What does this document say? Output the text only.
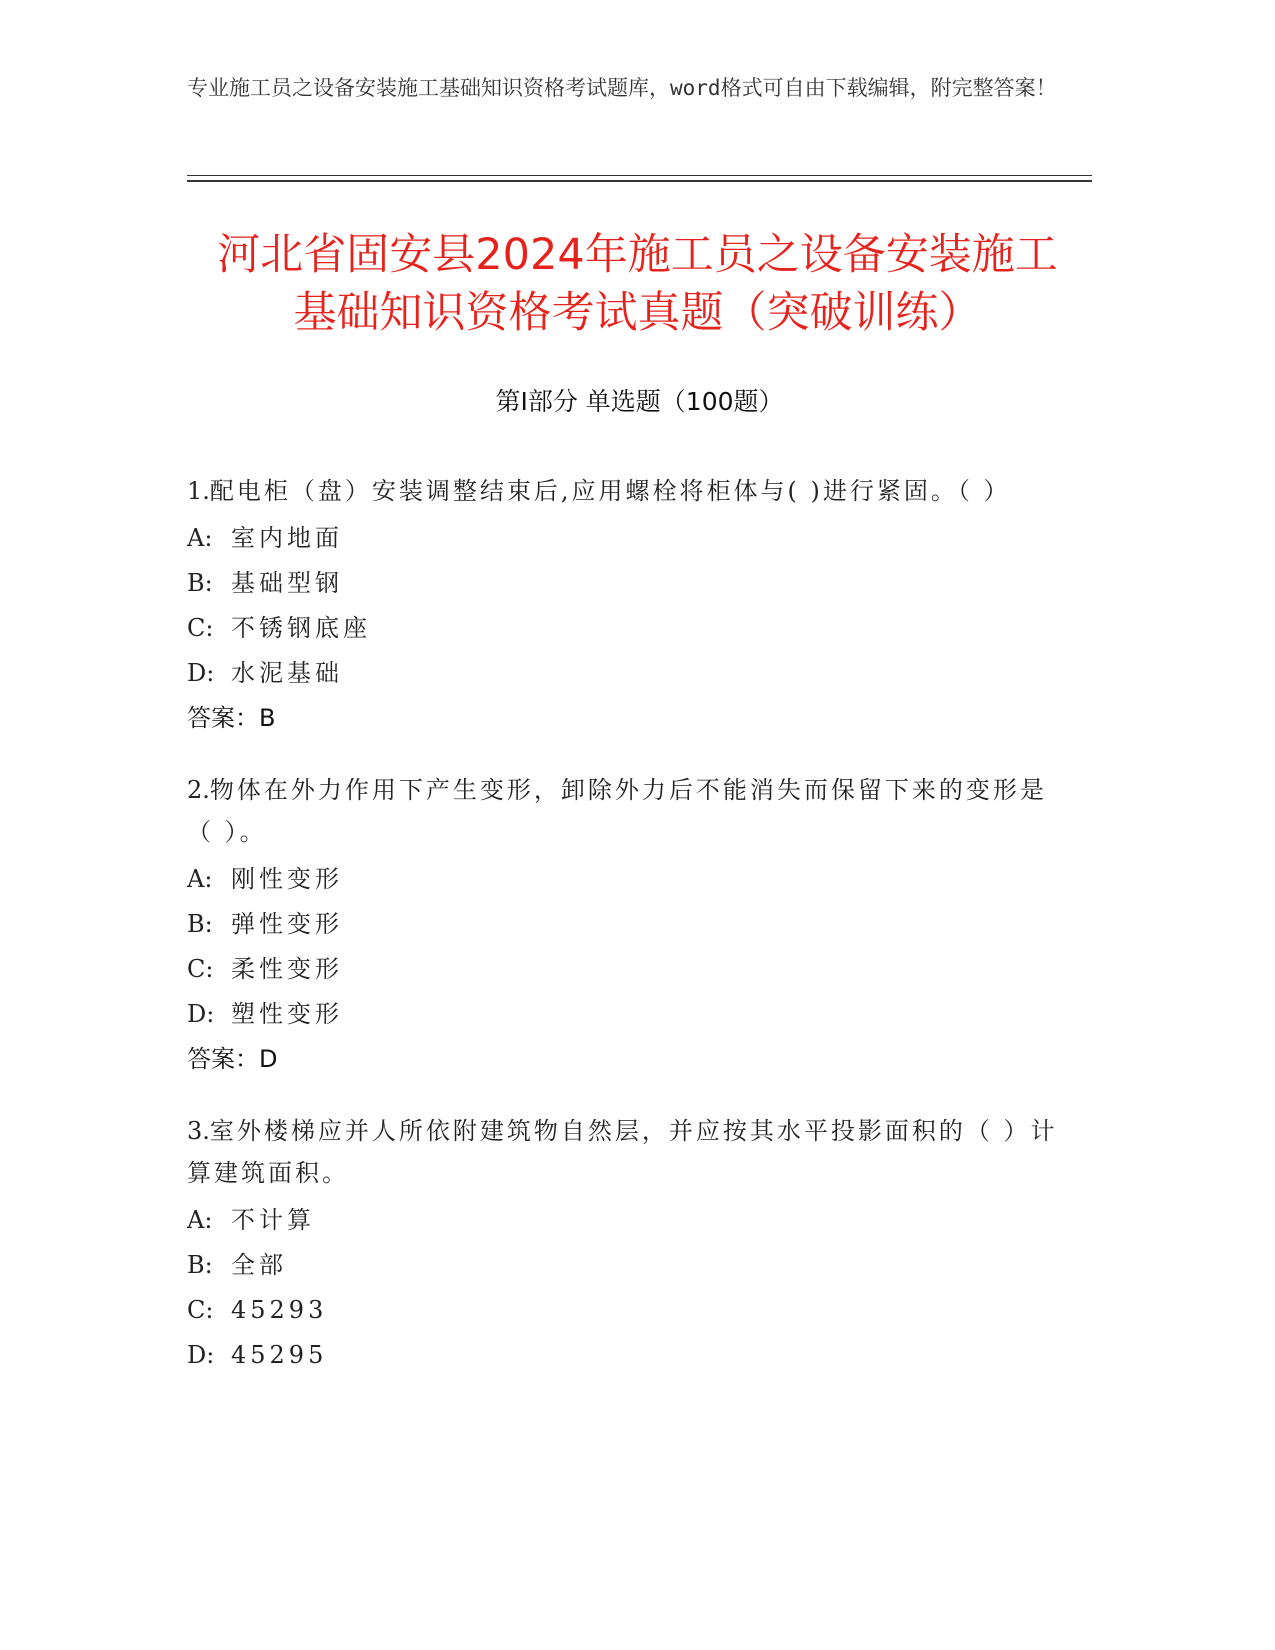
专业施工员之设备安装施工基础知识资格考试题库，word格式可自由下载编辑，附完整答案！
河北省固安县2024年施工员之设备安装施工
基础知识资格考试真题（突破训练）
第Ⅰ部分 单选题（100题）
1.配电柜（盘）安装调整结束后,应用螺栓将柜体与( )进行紧固。（ ）
A: 室内地面
B: 基础型钢
C: 不锈钢底座
D: 水泥基础
答案：B
2.物体在外力作用下产生变形，卸除外力后不能消失而保留下来的变形是（ ）。
A: 刚性变形
B: 弹性变形
C: 柔性变形
D: 塑性变形
答案：D
3.室外楼梯应并人所依附建筑物自然层，并应按其水平投影面积的（ ）计算建筑面积。
A: 不计算
B: 全部
C: 45293
D: 45295
